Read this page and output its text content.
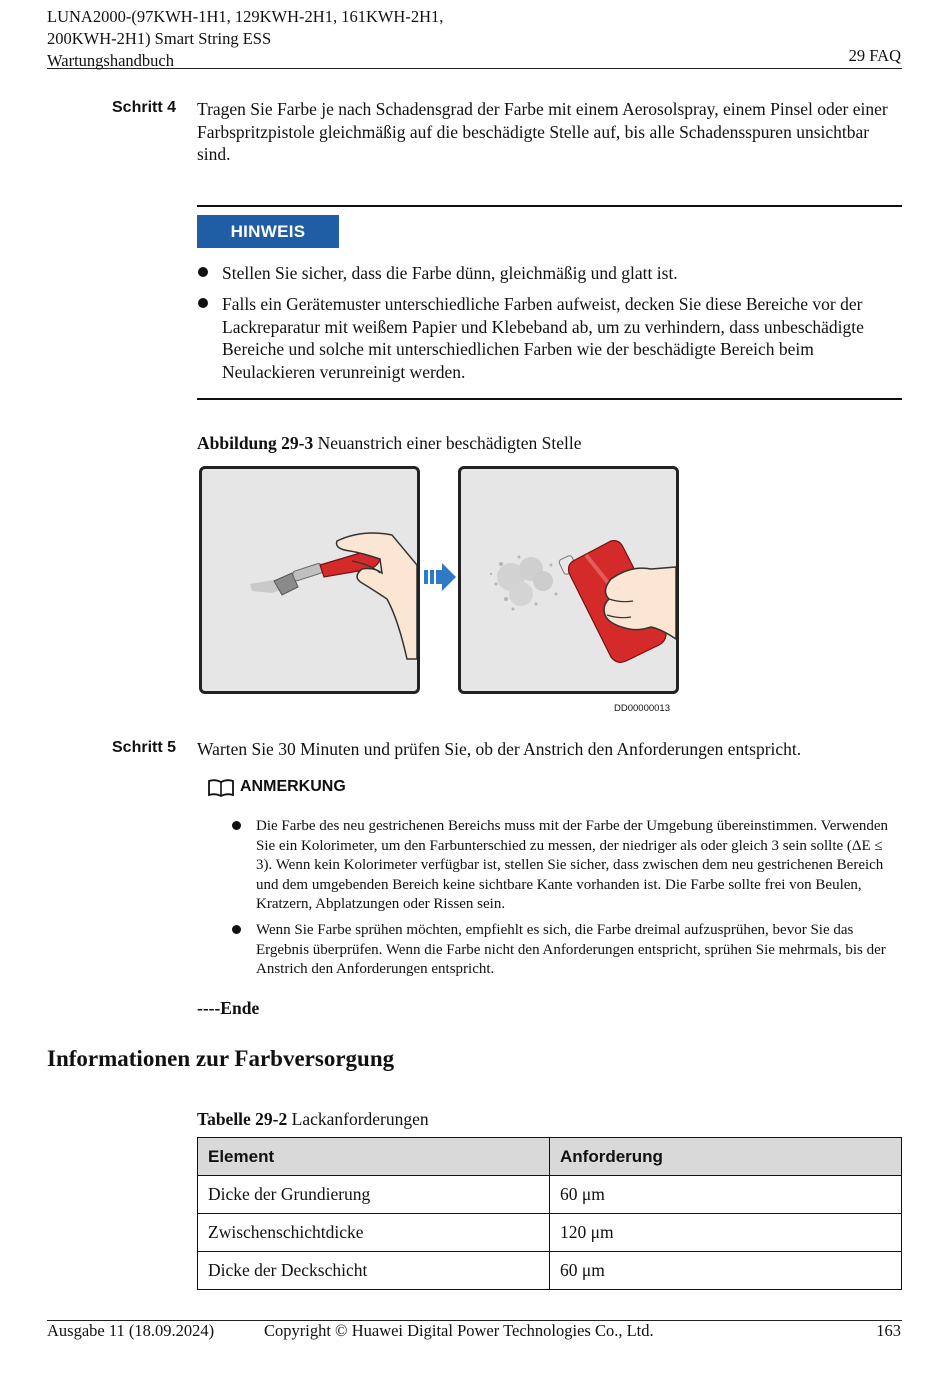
LUNA2000-(97KWH-1H1, 129KWH-2H1, 161KWH-2H1,
200KWH-2H1) Smart String ESS
Wartungshandbuch	29 FAQ
Schritt 4 Tragen Sie Farbe je nach Schadensgrad der Farbe mit einem Aerosolspray, einem Pinsel oder einer Farbspritzpistole gleichmäßig auf die beschädigte Stelle auf, bis alle Schadensspuren unsichtbar sind.
HINWEIS
Stellen Sie sicher, dass die Farbe dünn, gleichmäßig und glatt ist.
Falls ein Gerätemuster unterschiedliche Farben aufweist, decken Sie diese Bereiche vor der Lackreparatur mit weißem Papier und Klebeband ab, um zu verhindern, dass unbeschädigte Bereiche und solche mit unterschiedlichen Farben wie der beschädigte Bereich beim Neulackieren verunreinigt werden.
Abbildung 29-3 Neuanstrich einer beschädigten Stelle
DD00000013
Schritt 5 Warten Sie 30 Minuten und prüfen Sie, ob der Anstrich den Anforderungen entspricht.
ANMERKUNG
Die Farbe des neu gestrichenen Bereichs muss mit der Farbe der Umgebung übereinstimmen. Verwenden Sie ein Kolorimeter, um den Farbunterschied zu messen, der niedriger als oder gleich 3 sein sollte (ΔE ≤ 3). Wenn kein Kolorimeter verfügbar ist, stellen Sie sicher, dass zwischen dem neu gestrichenen Bereich und dem umgebenden Bereich keine sichtbare Kante vorhanden ist. Die Farbe sollte frei von Beulen, Kratzern, Abplatzungen oder Rissen sein.
Wenn Sie Farbe sprühen möchten, empfiehlt es sich, die Farbe dreimal aufzusprühen, bevor Sie das Ergebnis überprüfen. Wenn die Farbe nicht den Anforderungen entspricht, sprühen Sie mehrmals, bis der Anstrich den Anforderungen entspricht.
----Ende
Informationen zur Farbversorgung
Tabelle 29-2 Lackanforderungen
Element	Anforderung
Dicke der Grundierung	60 μm
Zwischenschichtdicke	120 μm
Dicke der Deckschicht	60 μm
Ausgabe 11 (18.09.2024)	Copyright © Huawei Digital Power Technologies Co., Ltd.	163
